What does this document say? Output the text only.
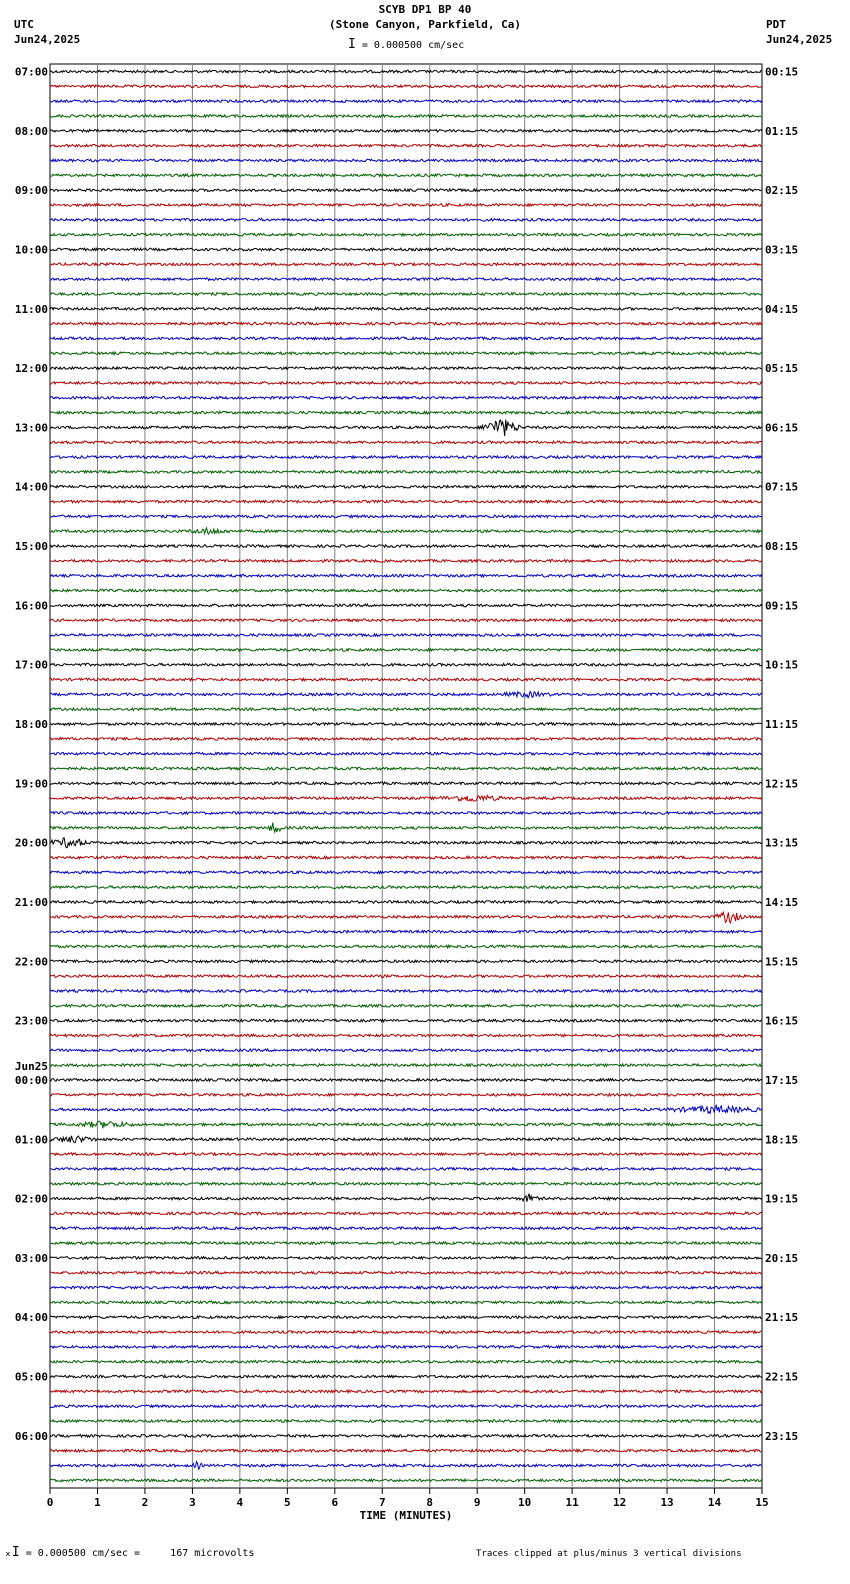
SCYB DP1 BP 40
(Stone Canyon, Parkfield, Ca)
UTC
Jun24,2025
PDT
Jun24,2025
I = 0.000500 cm/sec
07:00
08:00
09:00
10:00
11:00
12:00
13:00
14:00
15:00
16:00
17:00
18:00
19:00
20:00
21:00
22:00
23:00
00:00
01:00
02:00
03:00
04:00
05:00
06:00
00:15
01:15
02:15
03:15
04:15
05:15
06:15
07:15
08:15
09:15
10:15
11:15
12:15
13:15
14:15
15:15
16:15
17:15
18:15
19:15
20:15
21:15
22:15
23:15
Jun25
0	1	2	3	4	5	6	7	8	9	10	11	12	13	14	15
TIME (MINUTES)
ₓI = 0.000500 cm/sec =     167 microvolts	Traces clipped at plus/minus 3 vertical divisions
